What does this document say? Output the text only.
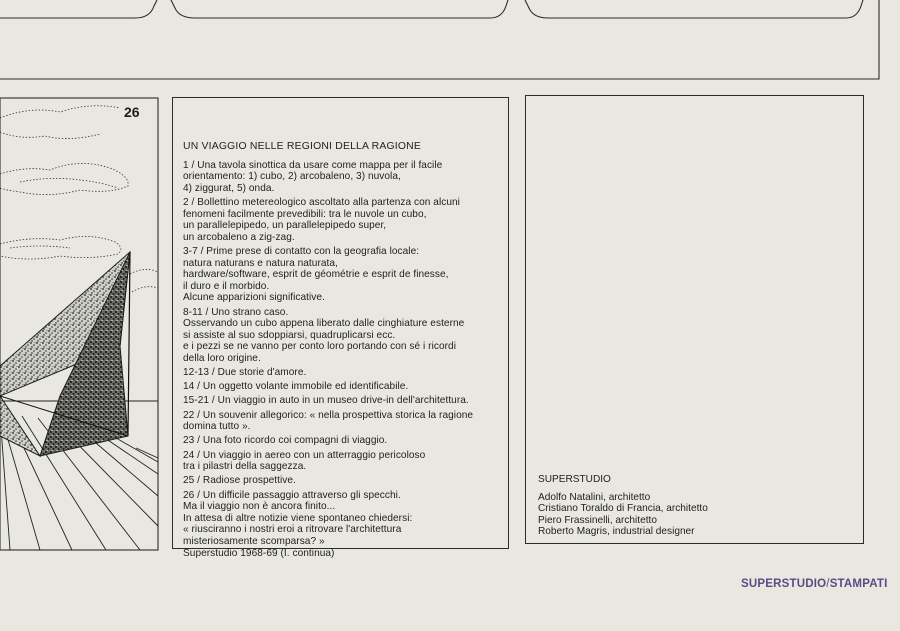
26
UN VIAGGIO NELLE REGIONI DELLA RAGIONE
1 / Una tavola sinottica da usare come mappa per il facile
orientamento: 1) cubo, 2) arcobaleno, 3) nuvola,
4) ziggurat, 5) onda.
2 / Bollettino metereologico ascoltato alla partenza con alcuni
fenomeni facilmente prevedibili: tra le nuvole un cubo,
un parallelepipedo, un parallelepipedo super,
un arcobaleno a zig-zag.
3-7 / Prime prese di contatto con la geografia locale:
natura naturans e natura naturata,
hardware/software, esprit de géométrie e esprit de finesse,
il duro e il morbido.
Alcune apparizioni significative.
8-11 / Uno strano caso.
Osservando un cubo appena liberato dalle cinghiature esterne
si assiste al suo sdoppiarsi, quadruplicarsi ecc.
e i pezzi se ne vanno per conto loro portando con sé i ricordi
della loro origine.
12-13 / Due storie d'amore.
14 / Un oggetto volante immobile ed identificabile.
15-21 / Un viaggio in auto in un museo drive-in dell'architettura.
22 / Un souvenir allegorico: « nella prospettiva storica la ragione
domina tutto ».
23 / Una foto ricordo coi compagni di viaggio.
24 / Un viaggio in aereo con un atterraggio pericoloso
tra i pilastri della saggezza.
25 / Radiose prospettive.
26 / Un difficile passaggio attraverso gli specchi.
Ma il viaggio non è ancora finito...
In attesa di altre notizie viene spontaneo chiedersi:
« riusciranno i nostri eroi a ritrovare l'architettura
misteriosamente scomparsa? »
Superstudio 1968-69 (I. continua)
SUPERSTUDIO
Adolfo Natalini, architetto
Cristiano Toraldo di Francia, architetto
Piero Frassinelli, architetto
Roberto Magris, industrial designer
SUPERSTUDIO/STAMPATI
